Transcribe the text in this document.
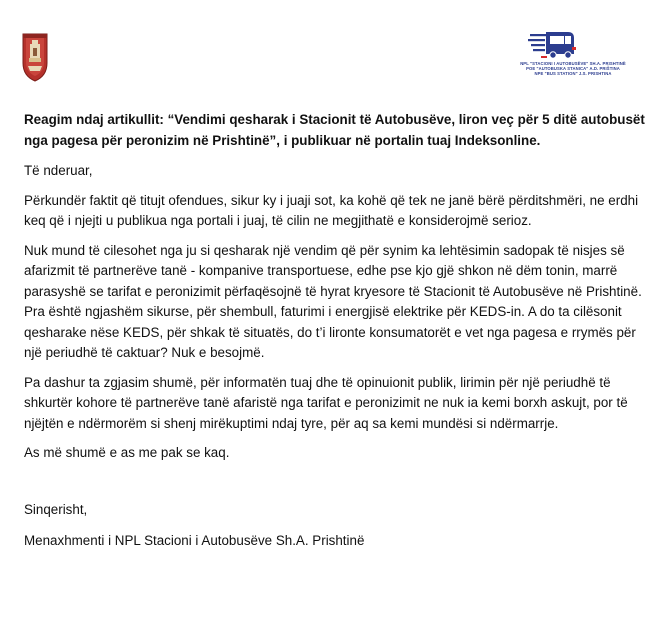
NPL "STACIONI I AUTOBUSËVE" SH.A. PRISHTINË
POE "AUTOBUSKA STANICA" A.D. PRIŠTINA
NPE "BUS STATION" J.S. PRISHTINA

Reagim ndaj artikullit: “Vendimi qesharak i Stacionit të Autobusëve, liron veç për 5 ditë autobusët nga pagesa për peronizim në Prishtinë”, i publikuar në portalin tuaj Indeksonline.

Të nderuar,

Përkundër faktit që titujt ofendues, sikur ky i juaji sot, ka kohë që tek ne janë bërë përditshmëri, ne erdhi keq që i njejti u publikua nga portali i juaj, të cilin ne megjithatë e konsiderojmë serioz.

Nuk mund të cilesohet nga ju si qesharak një vendim që për synim ka lehtësimin sadopak të nisjes së afarizmit të partnerëve tanë - kompanive transportuese, edhe pse kjo gjë shkon në dëm tonin, marrë parasyshë se tarifat e peronizimit përfaqësojnë të hyrat kryesore të Stacionit të Autobusëve në Prishtinë. Pra është ngjashëm sikurse, për shembull, faturimi i energjisë elektrike për KEDS-in. A do ta cilësonit qesharake nëse KEDS, për shkak të situatës, do t’i lironte konsumatorët e vet nga pagesa e rrymës për një periudhë të caktuar? Nuk e besojmë.

Pa dashur ta zgjasim shumë, për informatën tuaj dhe të opinuionit publik, lirimin për një periudhë të shkurtër kohore të partnerëve tanë afaristë nga tarifat e peronizimit ne nuk ia kemi borxh askujt, por të njëjtën e ndërmorëm si shenj mirëkuptimi ndaj tyre, për aq sa kemi mundësi si ndërmarrje.

As më shumë e as me pak se kaq.

Sinqerisht,

Menaxhmenti i NPL Stacioni i Autobusëve Sh.A. Prishtinë
